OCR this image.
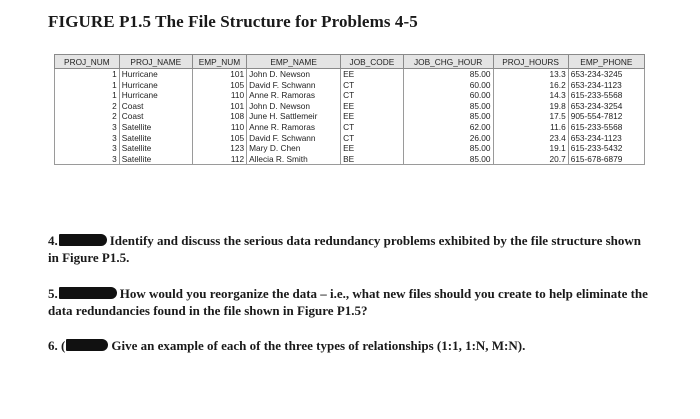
FIGURE P1.5 The File Structure for Problems 4-5
PROJ_NUM	PROJ_NAME	EMP_NUM	EMP_NAME	JOB_CODE	JOB_CHG_HOUR	PROJ_HOURS	EMP_PHONE
1	Hurricane	101	John D. Newson	EE	85.00	13.3	653-234-3245
1	Hurricane	105	David F. Schwann	CT	60.00	16.2	653-234-1123
1	Hurricane	110	Anne R. Ramoras	CT	60.00	14.3	615-233-5568
2	Coast	101	John D. Newson	EE	85.00	19.8	653-234-3254
2	Coast	108	June H. Sattlemeir	EE	85.00	17.5	905-554-7812
3	Satellite	110	Anne R. Ramoras	CT	62.00	11.6	615-233-5568
3	Satellite	105	David F. Schwann	CT	26.00	23.4	653-234-1123
3	Satellite	123	Mary D. Chen	EE	85.00	19.1	615-233-5432
3	Satellite	112	Allecia R. Smith	BE	85.00	20.7	615-678-6879
4.	Identify and discuss the serious data redundancy problems exhibited by the file structure shown in Figure P1.5.
5.	How would you reorganize the data – i.e., what new files should you create to help eliminate the data redundancies found in the file shown in Figure P1.5?
6. (	Give an example of each of the three types of relationships (1:1, 1:N, M:N).
